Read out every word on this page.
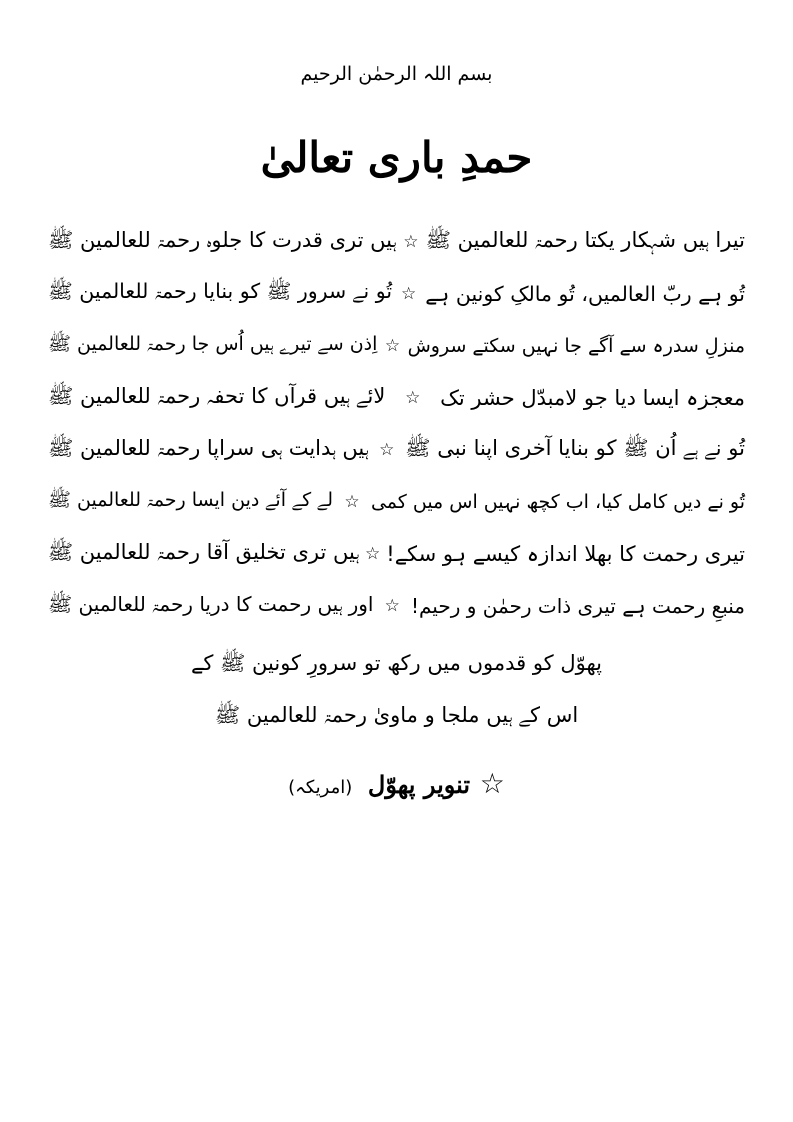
بسم اللہ الرحمٰن الرحیم
حمدِ باری تعالیٰ
تیرا ہیں شہکار یکتا رحمۃ للعالمین ﷺ
☆
ہیں تری قدرت کا جلوہ رحمۃ للعالمین ﷺ
تُو ہے ربّ العالمیں، تُو مالکِ کونین ہے
☆
تُو نے سرور ﷺ کو بنایا رحمۃ للعالمین ﷺ
منزلِ سدرہ سے آگے جا نہیں سکتے سروش
☆
اِذن سے تیرے ہیں اُس جا رحمۃ للعالمین ﷺ
معجزہ ایسا دیا جو لامبدّل حشر تک
☆
لائے ہیں قرآں کا تحفہ رحمۃ للعالمین ﷺ
تُو نے ہے اُن ﷺ کو بنایا آخری اپنا نبی ﷺ
☆
ہیں ہدایت ہی سراپا رحمۃ للعالمین ﷺ
تُو نے دیں کامل کیا، اب کچھ نہیں اس میں کمی
☆
لے کے آئے دین ایسا رحمۃ للعالمین ﷺ
تیری رحمت کا بھلا اندازہ کیسے ہو سکے!
☆
ہیں تری تخلیق آقا رحمۃ للعالمین ﷺ
منبعِ رحمت ہے تیری ذات رحمٰن و رحیم!
☆
اور ہیں رحمت کا دریا رحمۃ للعالمین ﷺ
پھوّل کو قدموں میں رکھ تو سرورِ کونین ﷺ کے
اس کے ہیں ملجا و ماویٰ رحمۃ للعالمین ﷺ
☆ تنویر پھوّل (امریکہ)
